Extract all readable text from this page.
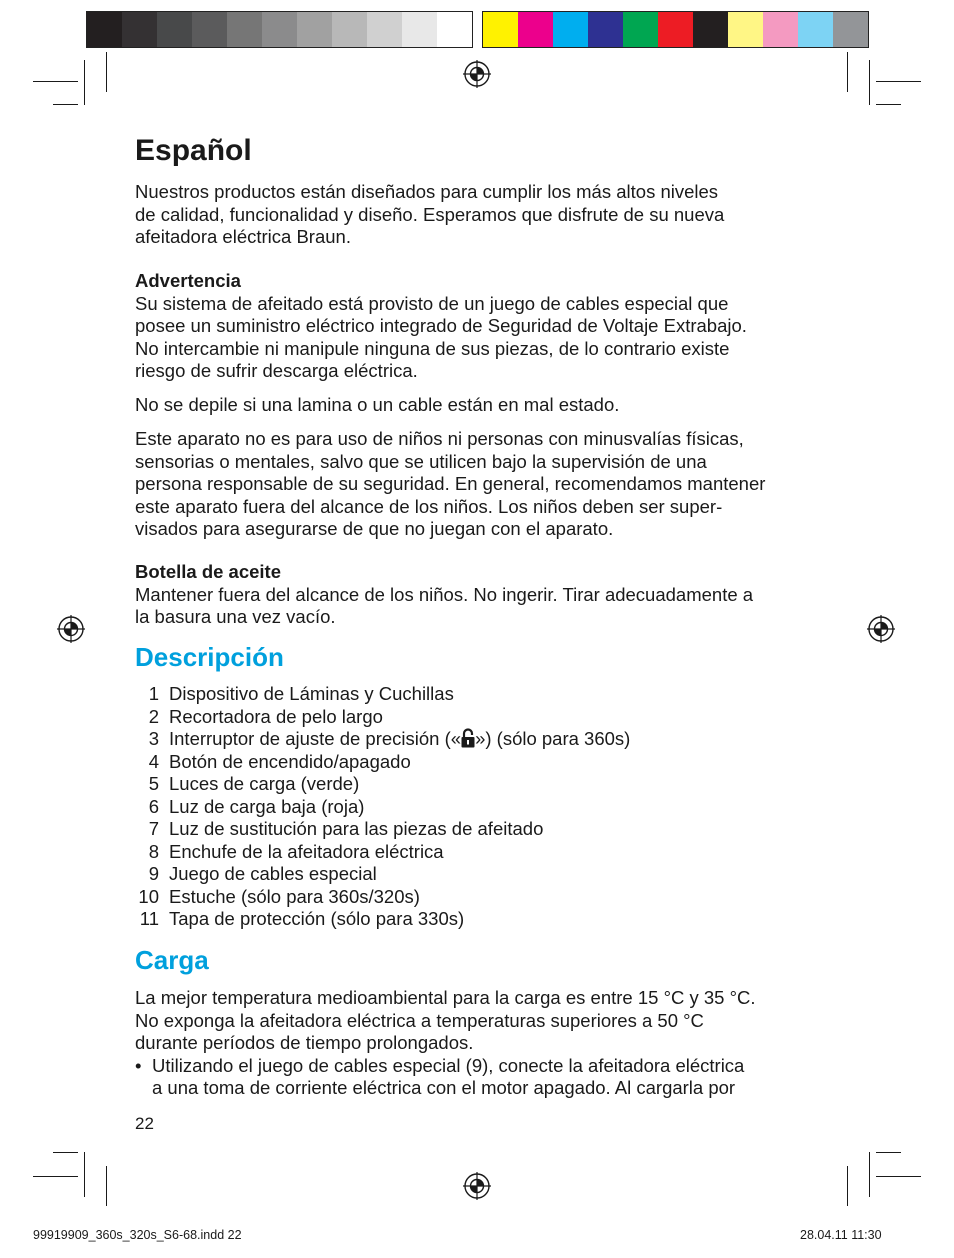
Español
Nuestros productos están diseñados para cumplir los más altos niveles
de calidad, funcionalidad y diseño. Esperamos que disfrute de su nueva
afeitadora eléctrica Braun.
Advertencia
Su sistema de afeitado está provisto de un juego de cables especial que
posee un suministro eléctrico integrado de Seguridad de Voltaje Extrabajo.
No intercambie ni manipule ninguna de sus piezas, de lo contrario existe
riesgo de sufrir descarga eléctrica.
No se depile si una lamina o un cable están en mal estado.
Este aparato no es para uso de niños ni personas con minusvalías físicas,
sensorias o mentales, salvo que se utilicen bajo la supervisión de una
persona responsable de su seguridad. En general, recomendamos mantener
este aparato fuera del alcance de los niños. Los niños deben ser super-
visados para asegurarse de que no juegan con el aparato.
Botella de aceite
Mantener fuera del alcance de los niños. No ingerir. Tirar adecuadamente a
la basura una vez vacío.
Descripción
1 Dispositivo de Láminas y Cuchillas
2 Recortadora de pelo largo
3 Interruptor de ajuste de precisión (« ») (sólo para 360s)
4 Botón de encendido/apagado
5 Luces de carga (verde)
6 Luz de carga baja (roja)
7 Luz de sustitución para las piezas de afeitado
8 Enchufe de la afeitadora eléctrica
9 Juego de cables especial
10 Estuche (sólo para 360s/320s)
11 Tapa de protección (sólo para 330s)
Carga
La mejor temperatura medioambiental para la carga es entre 15 °C y 35 °C.
No exponga la afeitadora eléctrica a temperaturas superiores a 50 °C
durante períodos de tiempo prolongados.
• Utilizando el juego de cables especial (9), conecte la afeitadora eléctrica
a una toma de corriente eléctrica con el motor apagado. Al cargarla por
22
99919909_360s_320s_S6-68.indd 22	28.04.11 11:30
